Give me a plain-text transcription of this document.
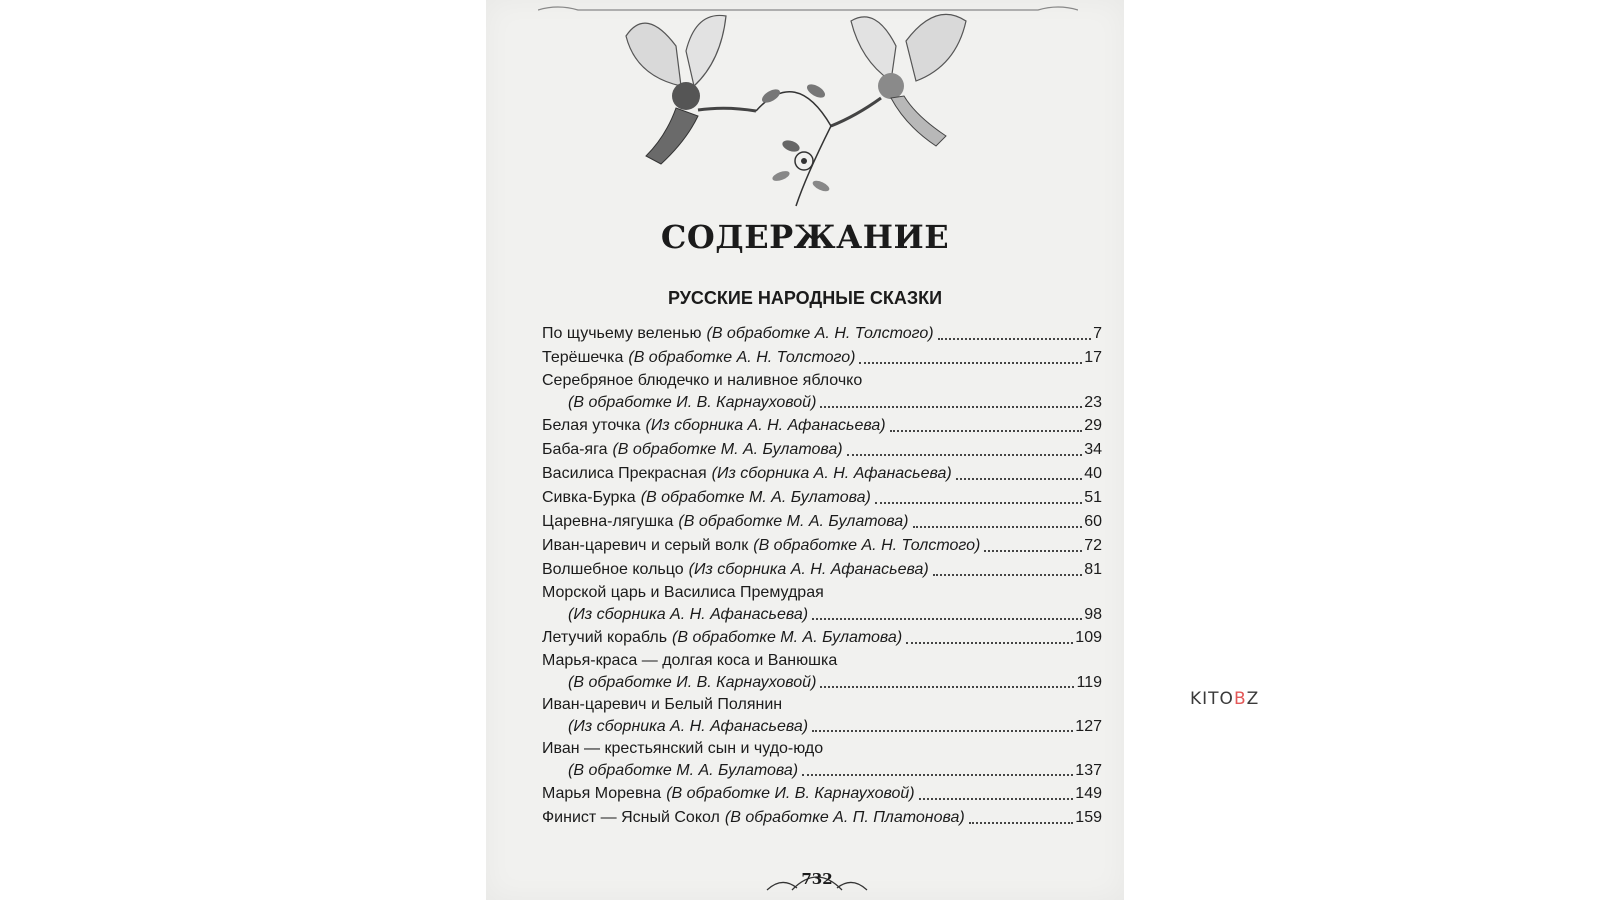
СОДЕРЖАНИЕ
РУССКИЕ НАРОДНЫЕ СКАЗКИ
По щучьему веленью (В обработке А. Н. Толстого)	7
Терёшечка (В обработке А. Н. Толстого)	17
Серебряное блюдечко и наливное яблочко
(В обработке И. В. Карнауховой)	23
Белая уточка (Из сборника А. Н. Афанасьева)	29
Баба-яга (В обработке М. А. Булатова)	34
Василиса Прекрасная (Из сборника А. Н. Афанасьева)	40
Сивка-Бурка (В обработке М. А. Булатова)	51
Царевна-лягушка (В обработке М. А. Булатова)	60
Иван-царевич и серый волк (В обработке А. Н. Толстого)	72
Волшебное кольцо (Из сборника А. Н. Афанасьева)	81
Морской царь и Василиса Премудрая
(Из сборника А. Н. Афанасьева)	98
Летучий корабль (В обработке М. А. Булатова)	109
Марья-краса — долгая коса и Ванюшка
(В обработке И. В. Карнауховой)	119
Иван-царевич и Белый Полянин
(Из сборника А. Н. Афанасьева)	127
Иван — крестьянский сын и чудо-юдо
(В обработке М. А. Булатова)	137
Марья Моревна (В обработке И. В. Карнауховой)	149
Финист — Ясный Сокол (В обработке А. П. Платонова)	159
732
KITOBZ
